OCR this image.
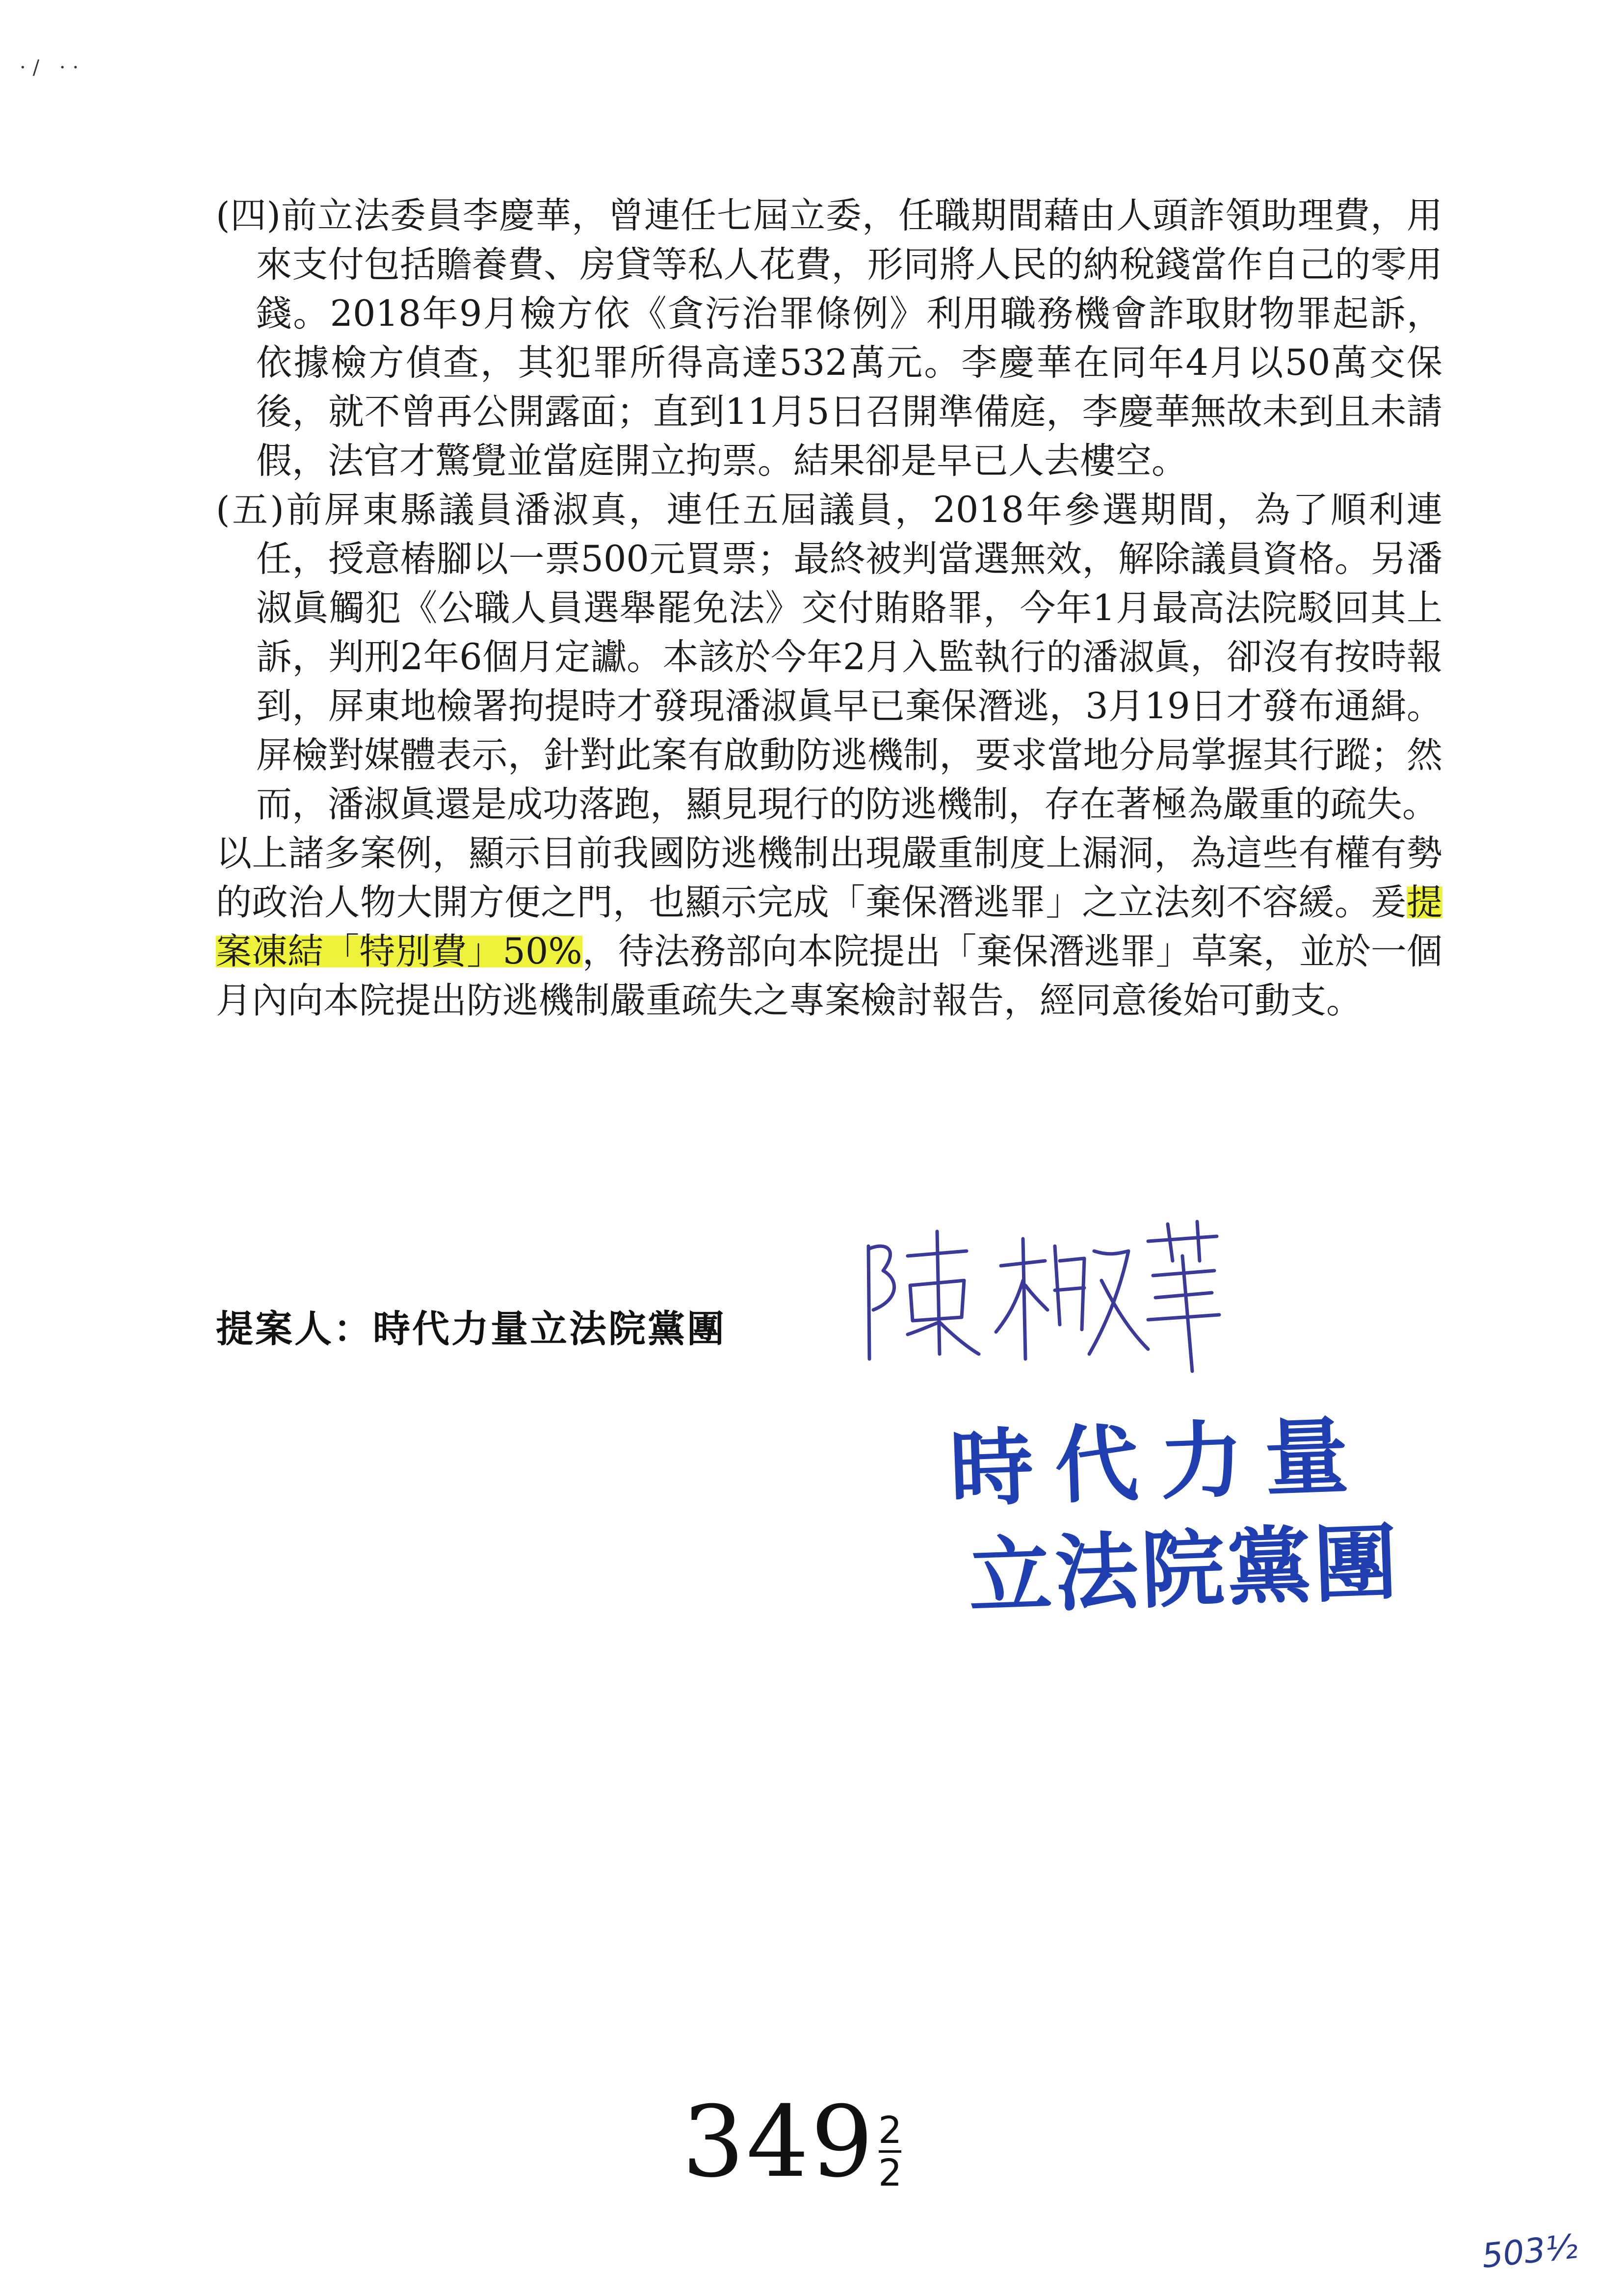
·/ ··

(四)前立法委員李慶華，曾連任七屆立委，任職期間藉由人頭詐領助理費，用來支付包括贍養費、房貸等私人花費，形同將人民的納稅錢當作自己的零用錢。2018年9月檢方依《貪污治罪條例》利用職務機會詐取財物罪起訴，依據檢方偵查，其犯罪所得高達532萬元。李慶華在同年4月以50萬交保後，就不曾再公開露面；直到11月5日召開準備庭，李慶華無故未到且未請假，法官才驚覺並當庭開立拘票。結果卻是早已人去樓空。

(五)前屏東縣議員潘淑真，連任五屆議員，2018年參選期間，為了順利連任，授意樁腳以一票500元買票；最終被判當選無效，解除議員資格。另潘淑眞觸犯《公職人員選舉罷免法》交付賄賂罪，今年1月最高法院駁回其上訴，判刑2年6個月定讞。本該於今年2月入監執行的潘淑眞，卻沒有按時報到，屏東地檢署拘提時才發現潘淑眞早已棄保潛逃，3月19日才發布通緝。屏檢對媒體表示，針對此案有啟動防逃機制，要求當地分局掌握其行蹤；然而，潘淑眞還是成功落跑，顯見現行的防逃機制，存在著極為嚴重的疏失。

以上諸多案例，顯示目前我國防逃機制出現嚴重制度上漏洞，為這些有權有勢的政治人物大開方便之門，也顯示完成「棄保潛逃罪」之立法刻不容緩。爰提案凍結「特別費」50%，待法務部向本院提出「棄保潛逃罪」草案，並於一個月內向本院提出防逃機制嚴重疏失之專案檢討報告，經同意後始可動支。

提案人：時代力量立法院黨團
時代力量
立法院黨團
349 2
2
503½
